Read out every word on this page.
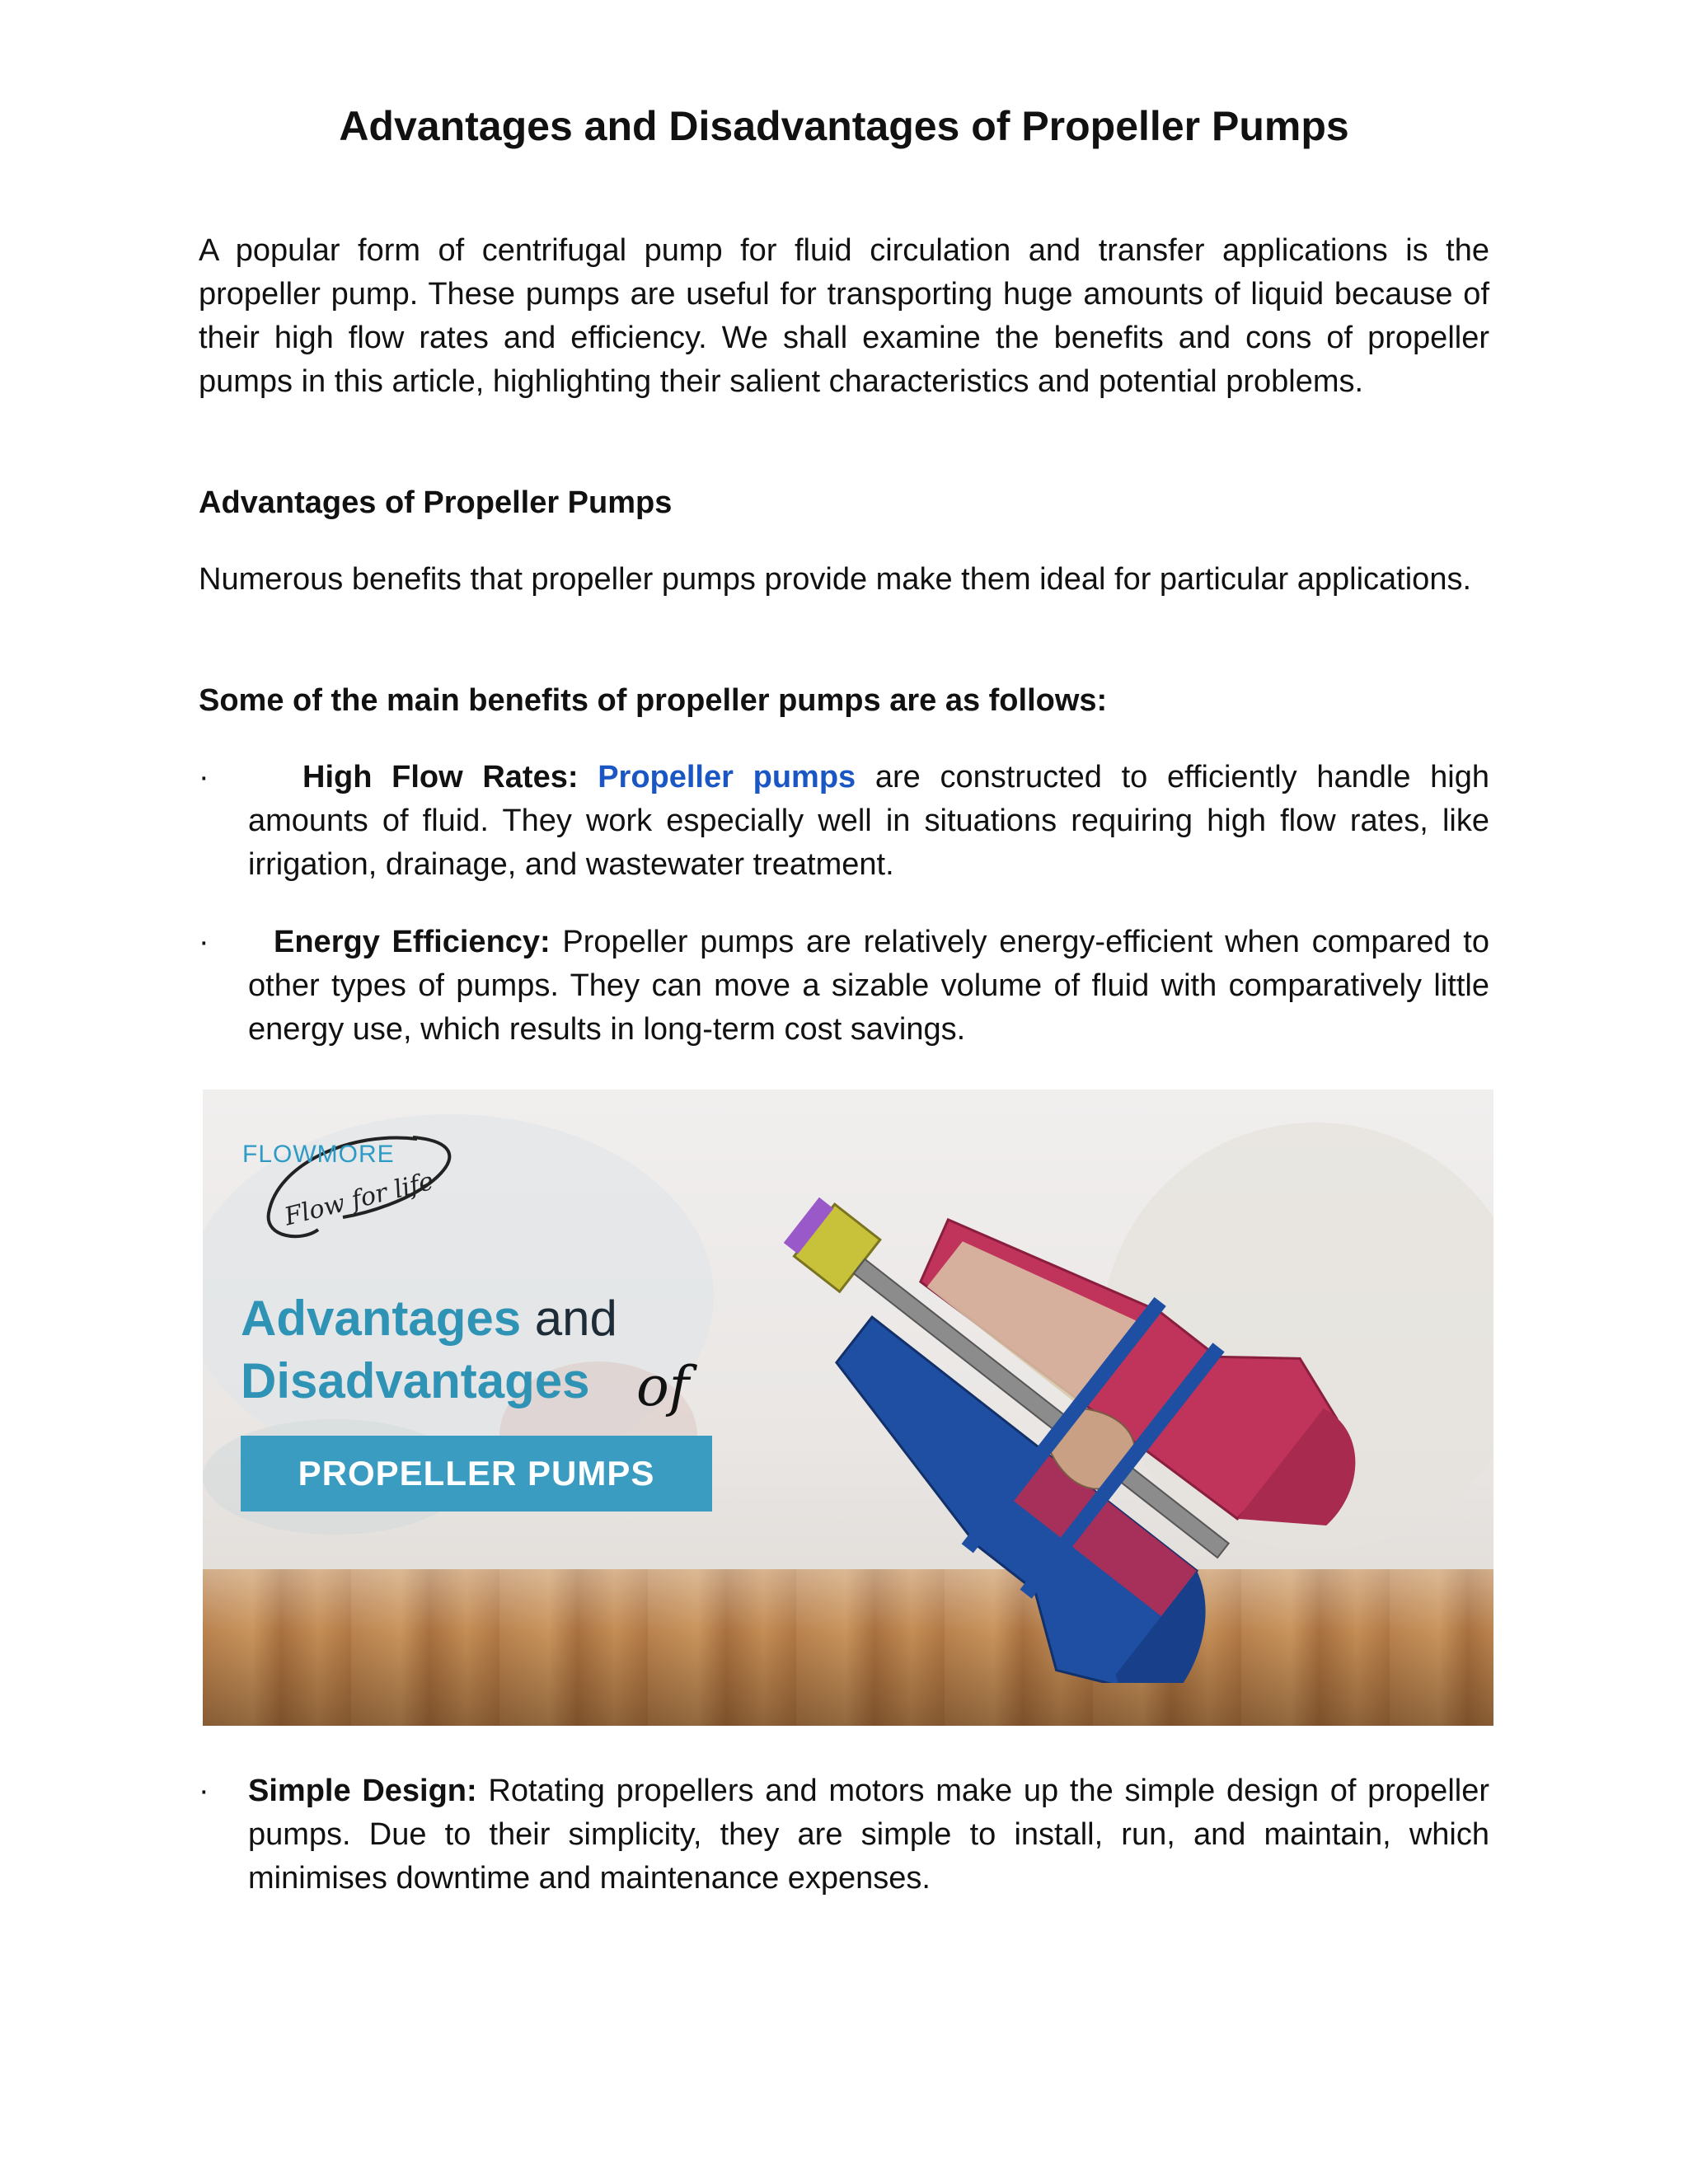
Advantages and Disadvantages of Propeller Pumps

A popular form of centrifugal pump for fluid circulation and transfer applications is the propeller pump. These pumps are useful for transporting huge amounts of liquid because of their high flow rates and efficiency. We shall examine the benefits and cons of propeller pumps in this article, highlighting their salient characteristics and potential problems.

Advantages of Propeller Pumps

Numerous benefits that propeller pumps provide make them ideal for particular applications.

Some of the main benefits of propeller pumps are as follows:
·	High Flow Rates: Propeller pumps are constructed to efficiently handle high amounts of fluid. They work especially well in situations requiring high flow rates, like irrigation, drainage, and wastewater treatment.
·	Energy Efficiency: Propeller pumps are relatively energy-efficient when compared to other types of pumps. They can move a sizable volume of fluid with comparatively little energy use, which results in long-term cost savings.
FLOWMORE
Flow for life
Advantages and
Disadvantages of
PROPELLER PUMPS
· Simple Design: Rotating propellers and motors make up the simple design of propeller pumps. Due to their simplicity, they are simple to install, run, and maintain, which minimises downtime and maintenance expenses.
